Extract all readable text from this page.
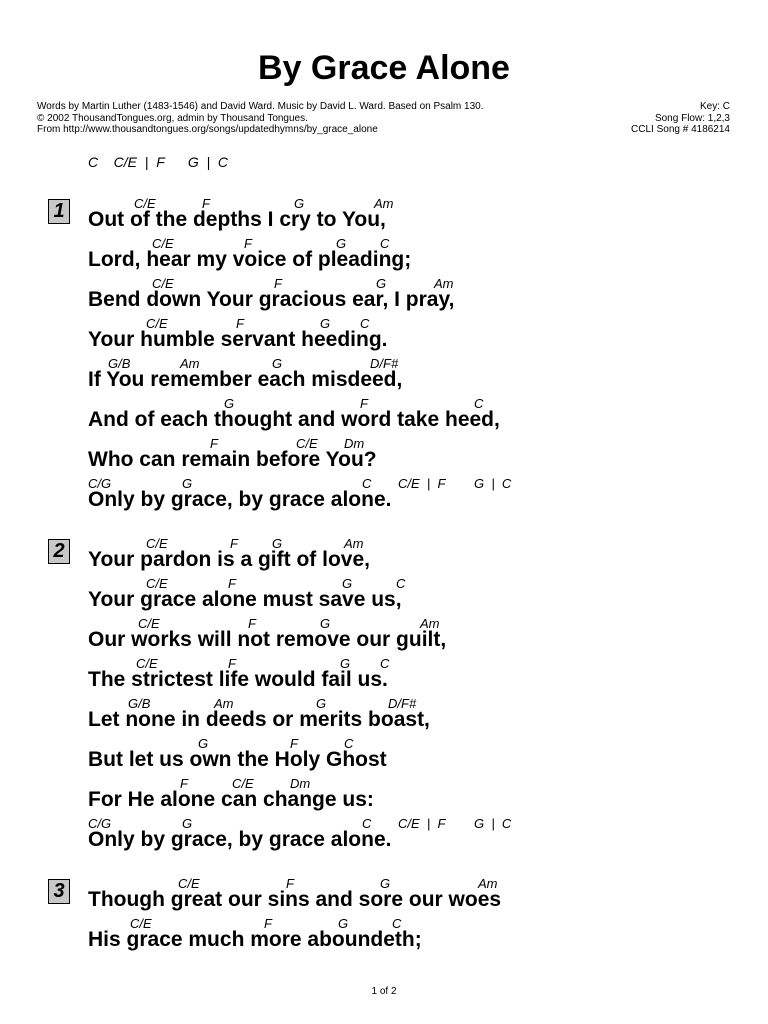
By Grace Alone
Words by Martin Luther (1483-1546) and David Ward. Music by David L. Ward. Based on Psalm 130.
© 2002 ThousandTongues.org, admin by Thousand Tongues.
From http://www.thousandtongues.org/songs/updatedhymns/by_grace_alone
Key: C
Song Flow: 1,2,3
CCLI Song # 4186214
C    C/E  |  F      G  |  C
1	C/E	F	G	Am
Out of the depths I cry to You,
C/E	F	G	C
Lord, hear my voice of pleading;
C/E	F	G	Am
Bend down Your gracious ear, I pray,
C/E	F	G C
Your humble servant heeding.
G/B	Am	G	D/F#
If You remember each misdeed,
G	F	C
And of each thought and word take heed,
F	C/E Dm
Who can remain before You?
C/G	G	C C/E  |  F G  |  C
Only by grace, by grace alone.
2	C/E	F	G	Am
Your pardon is a gift of love,
C/E	F	G	C
Your grace alone must save us,
C/E	F	G	Am
Our works will not remove our guilt,
C/E	F	G C
The strictest life would fail us.
G/B	Am	G	D/F#
Let none in deeds or merits boast,
G	F	C
But let us own the Holy Ghost
F	C/E	Dm
For He alone can change us:
C/G	G	C C/E  |  F G  |  C
Only by grace, by grace alone.
3	C/E	F	G	Am
Though great our sins and sore our woes
C/E	F	G	C
His grace much more aboundeth;
1 of 2
